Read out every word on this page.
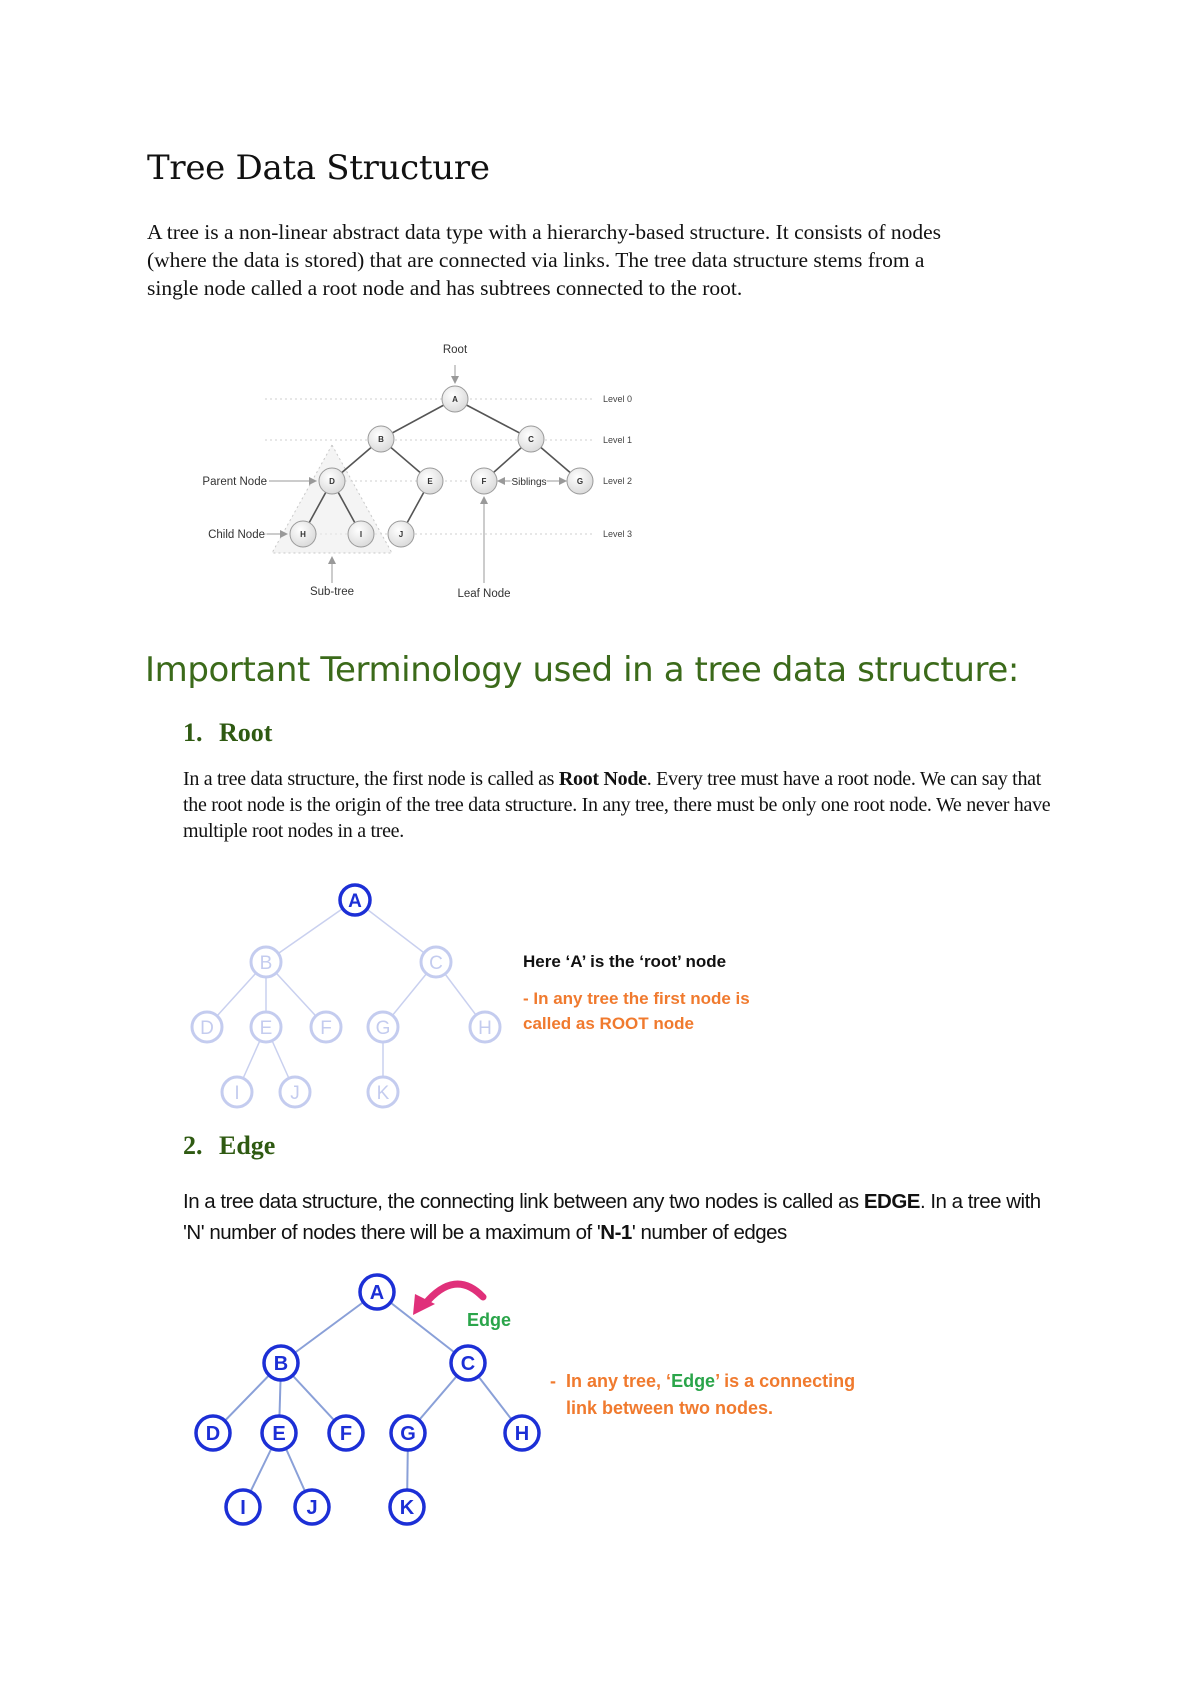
Tree Data Structure

A tree is a non-linear abstract data type with a hierarchy-based structure. It consists of nodes

(where the data is stored) that are connected via links. The tree data structure stems from a

single node called a root node and has subtrees connected to the root.

Root
A
B	C
D	E	F	G
H	I	J
Level 0
Level 1
Level 2
Level 3
Parent Node
Child Node
Siblings
Sub-tree	Leaf Node
Important Terminology used in a tree data structure:
1. Root
In a tree data structure, the first node is called as Root Node. Every tree must have a root node. We can say that the root node is the origin of the tree data structure. In any tree, there must be only one root node. We never have multiple root nodes in a tree.
A
B	C
D E	F G	H
I	J	K
Here ‘A’ is the ‘root’ node
- In any tree the first node is
called as ROOT node
2. Edge
In a tree data structure, the connecting link between any two nodes is called as EDGE. In a tree with 'N' number of nodes there will be a maximum of 'N-1' number of edges
Edge
A
B	C
D	E	F G	H
I	J	K
- In any tree, ‘Edge’ is a connecting
link between two nodes.
